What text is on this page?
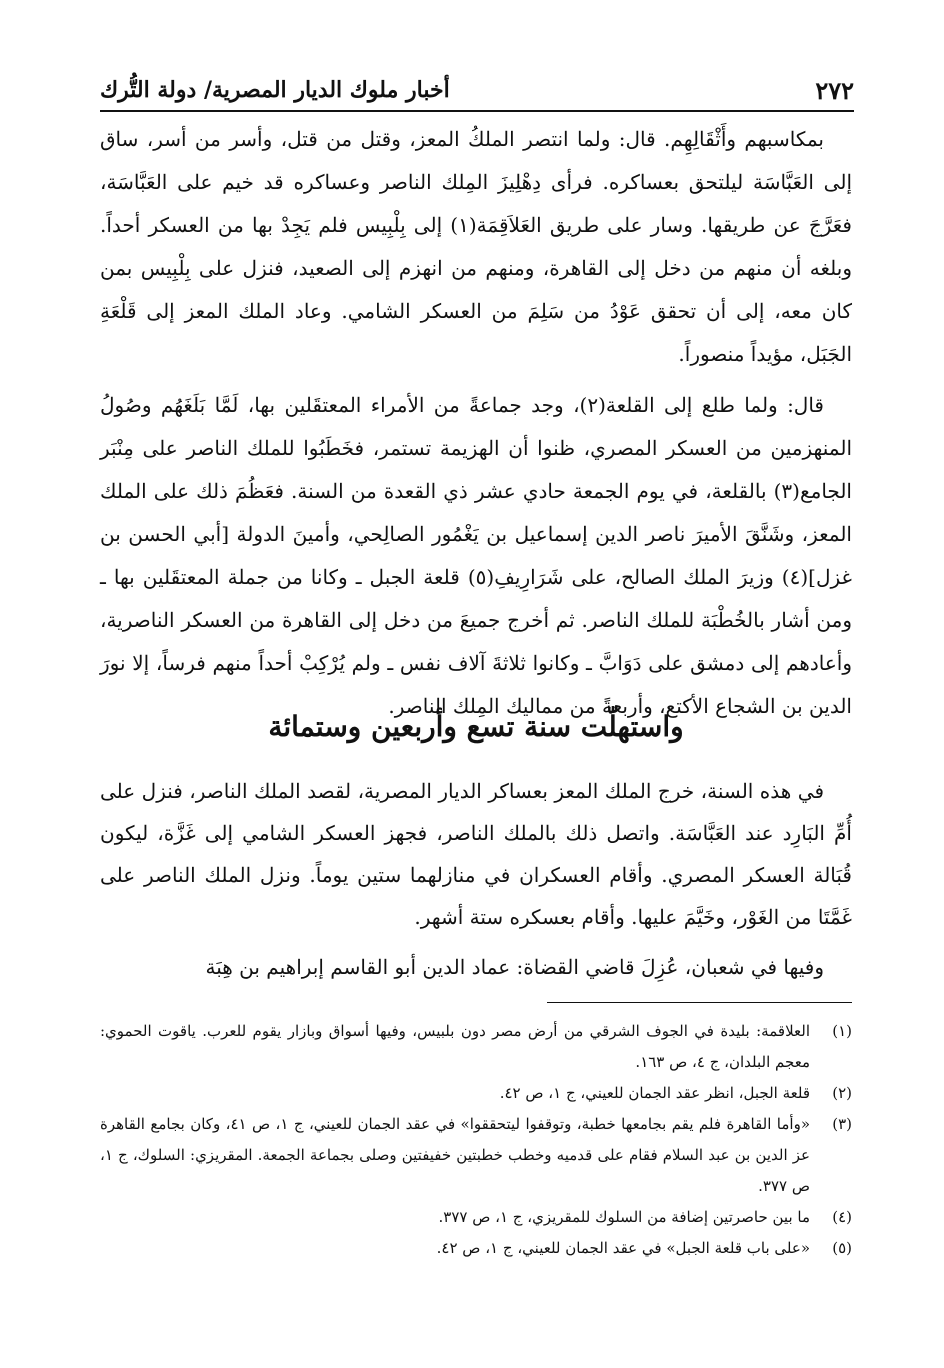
٢٧٢
أخبار ملوك الديار المصرية/ دولة التُّرك

بمكاسبهم وأَثْقَالِهِم. قال: ولما انتصر الملكُ المعز، وقتل من قتل، وأسر من أسر، ساق إلى العَبَّاسَة ليلتحق بعساكره. فرأى دِهْلِيزَ المِلك الناصر وعساكره قد خيم على العَبَّاسَة، فعَرَّجَ عن طريقها. وسار على طريق العَلاَقِمَة(١) إلى بِلْبِيس فلم يَجِدْ بها من العسكر أحداً. وبلغه أن منهم من دخل إلى القاهرة، ومنهم من انهزم إلى الصعيد، فنزل على بِلْبِيس بمن كان معه، إلى أن تحقق عَوْدُ من سَلِمَ من العسكر الشامي. وعاد الملك المعز إلى قَلْعَةِ الجَبَل، مؤيداً منصوراً.

قال: ولما طلع إلى القلعة(٢)، وجد جماعةً من الأمراء المعتقَلين بها، لَمَّا بَلَغَهُم وصُولُ المنهزمين من العسكر المصري، ظنوا أن الهزيمة تستمر، فخَطَبُوا للملك الناصر على مِنْبَر الجامع(٣) بالقلعة، في يوم الجمعة حادي عشر ذي القعدة من السنة. فعَظُمَ ذلك على الملك المعز، وشَنَّقَ الأميرَ ناصر الدين إسماعيل بن يَغْمُور الصالِحي، وأمينَ الدولة [أبي الحسن بن غزل](٤) وزيرَ الملك الصالح، على شَرَارِيفِ(٥) قلعة الجبل ـ وكانا من جملة المعتقَلين بها ـ ومن أشار بالخُطْبَة للملك الناصر. ثم أخرج جميعَ من دخل إلى القاهرة من العسكر الناصرية، وأعادهم إلى دمشق على دَوَابَّ ـ وكانوا ثلاثةَ آلاف نفس ـ ولم يُرْكِبْ أحداً منهم فرساً، إلا نورَ الدين بن الشجاع الأكتع، وأربعةً من مماليك المِلك الناصر.

واستهلّت سنة تسع وأربعين وستمائة

في هذه السنة، خرج الملك المعز بعساكر الديار المصرية، لقصد الملك الناصر، فنزل على أُمِّ البَارِد عند العَبَّاسَة. واتصل ذلك بالملك الناصر، فجهز العسكر الشامي إلى غَزَّة، ليكون قُبَالة العسكر المصري. وأقام العسكران في منازلهما ستين يوماً. ونزل الملك الناصر على غَمَّتَا من الغَوْر، وخَيَّمَ عليها. وأقام بعسكره ستة أشهر.

وفيها في شعبان، عُزِلَ قاضي القضاة: عماد الدين أبو القاسم إبراهيم بن هِبَة

(١)
العلاقمة: بليدة في الجوف الشرقي من أرض مصر دون بلبيس، وفيها أسواق وبازار يقوم للعرب. ياقوت الحموي: معجم البلدان، ج ٤، ص ١٦٣.
(٢)
قلعة الجبل، انظر عقد الجمان للعيني، ج ١، ص ٤٢.
(٣)
«وأما القاهرة فلم يقم بجامعها خطبة، وتوقفوا ليتحققوا» في عقد الجمان للعيني، ج ١، ص ٤١، وكان بجامع القاهرة عز الدين بن عبد السلام فقام على قدميه وخطب خطبتين خفيفتين وصلى بجماعة الجمعة. المقريزي: السلوك، ج ١، ص ٣٧٧.
(٤)
ما بين حاصرتين إضافة من السلوك للمقريزي، ج ١، ص ٣٧٧.
(٥)
«على باب قلعة الجبل» في عقد الجمان للعيني، ج ١، ص ٤٢.
